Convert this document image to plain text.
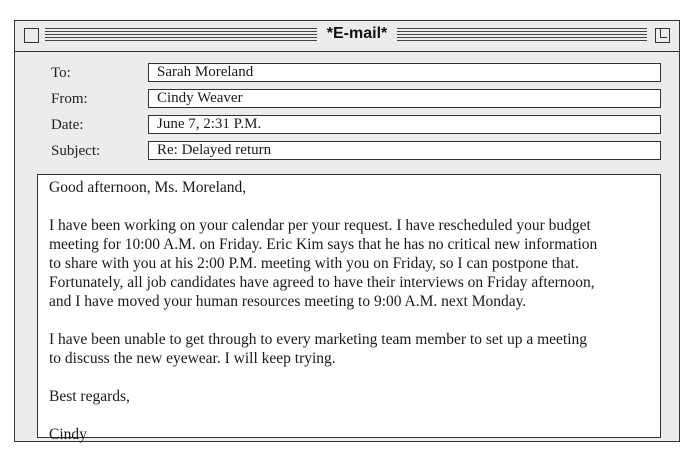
*E-mail*
To:	Sarah Moreland
From:	Cindy Weaver
Date:	June 7, 2:31 P.M.
Subject:	Re: Delayed return

Good afternoon, Ms. Moreland,

I have been working on your calendar per your request. I have rescheduled your budget

meeting for 10:00 A.M. on Friday. Eric Kim says that he has no critical new information

to share with you at his 2:00 P.M. meeting with you on Friday, so I can postpone that.

Fortunately, all job candidates have agreed to have their interviews on Friday afternoon,

and I have moved your human resources meeting to 9:00 A.M. next Monday.

I have been unable to get through to every marketing team member to set up a meeting

to discuss the new eyewear. I will keep trying.

Best regards,

Cindy
